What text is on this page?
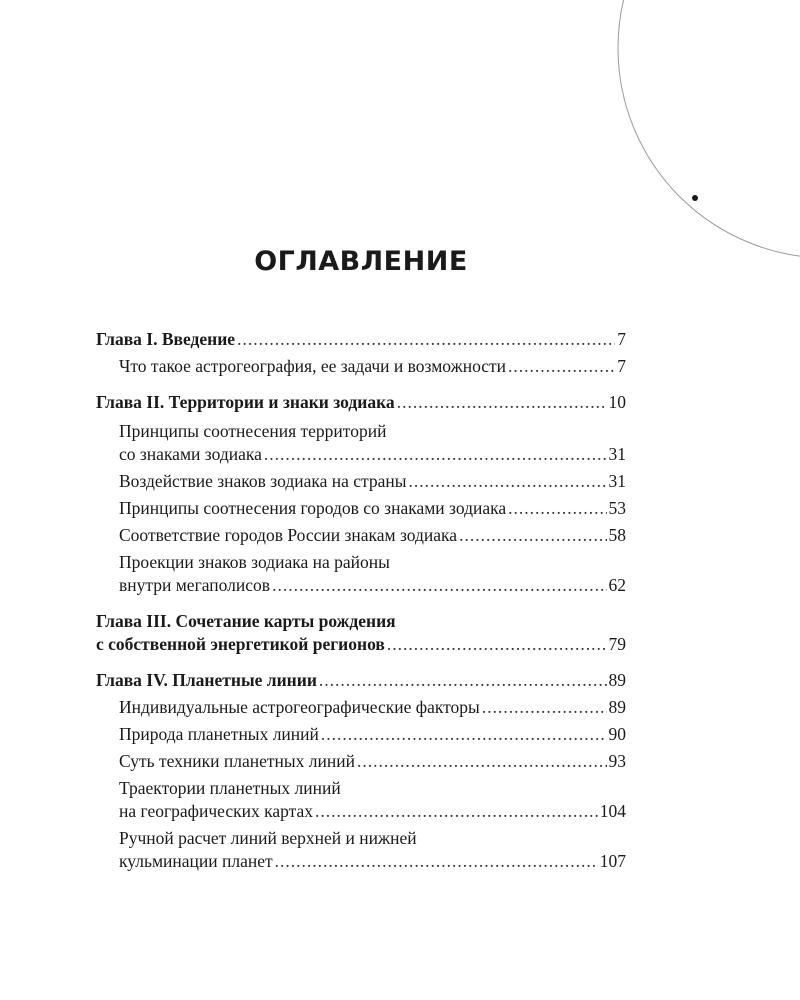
ОГЛАВЛЕНИЕ
Глава I. Введение .....	7
Что такое астрогеография, ее задачи и возможности .....	7
Глава II. Территории и знаки зодиака .....	10
Принципы соотнесения территорий
со знаками зодиака .....	31
Воздействие знаков зодиака на страны .....	31
Принципы соотнесения городов со знаками зодиака .....	53
Соответствие городов России знакам зодиака .....	58
Проекции знаков зодиака на районы
внутри мегаполисов .....	62
Глава III. Сочетание карты рождения
с собственной энергетикой регионов .....	79
Глава IV. Планетные линии .....	89
Индивидуальные астрогеографические факторы .....	89
Природа планетных линий .....	90
Суть техники планетных линий .....	93
Траектории планетных линий
на географических картах .....	104
Ручной расчет линий верхней и нижней
кульминации планет .....	107
